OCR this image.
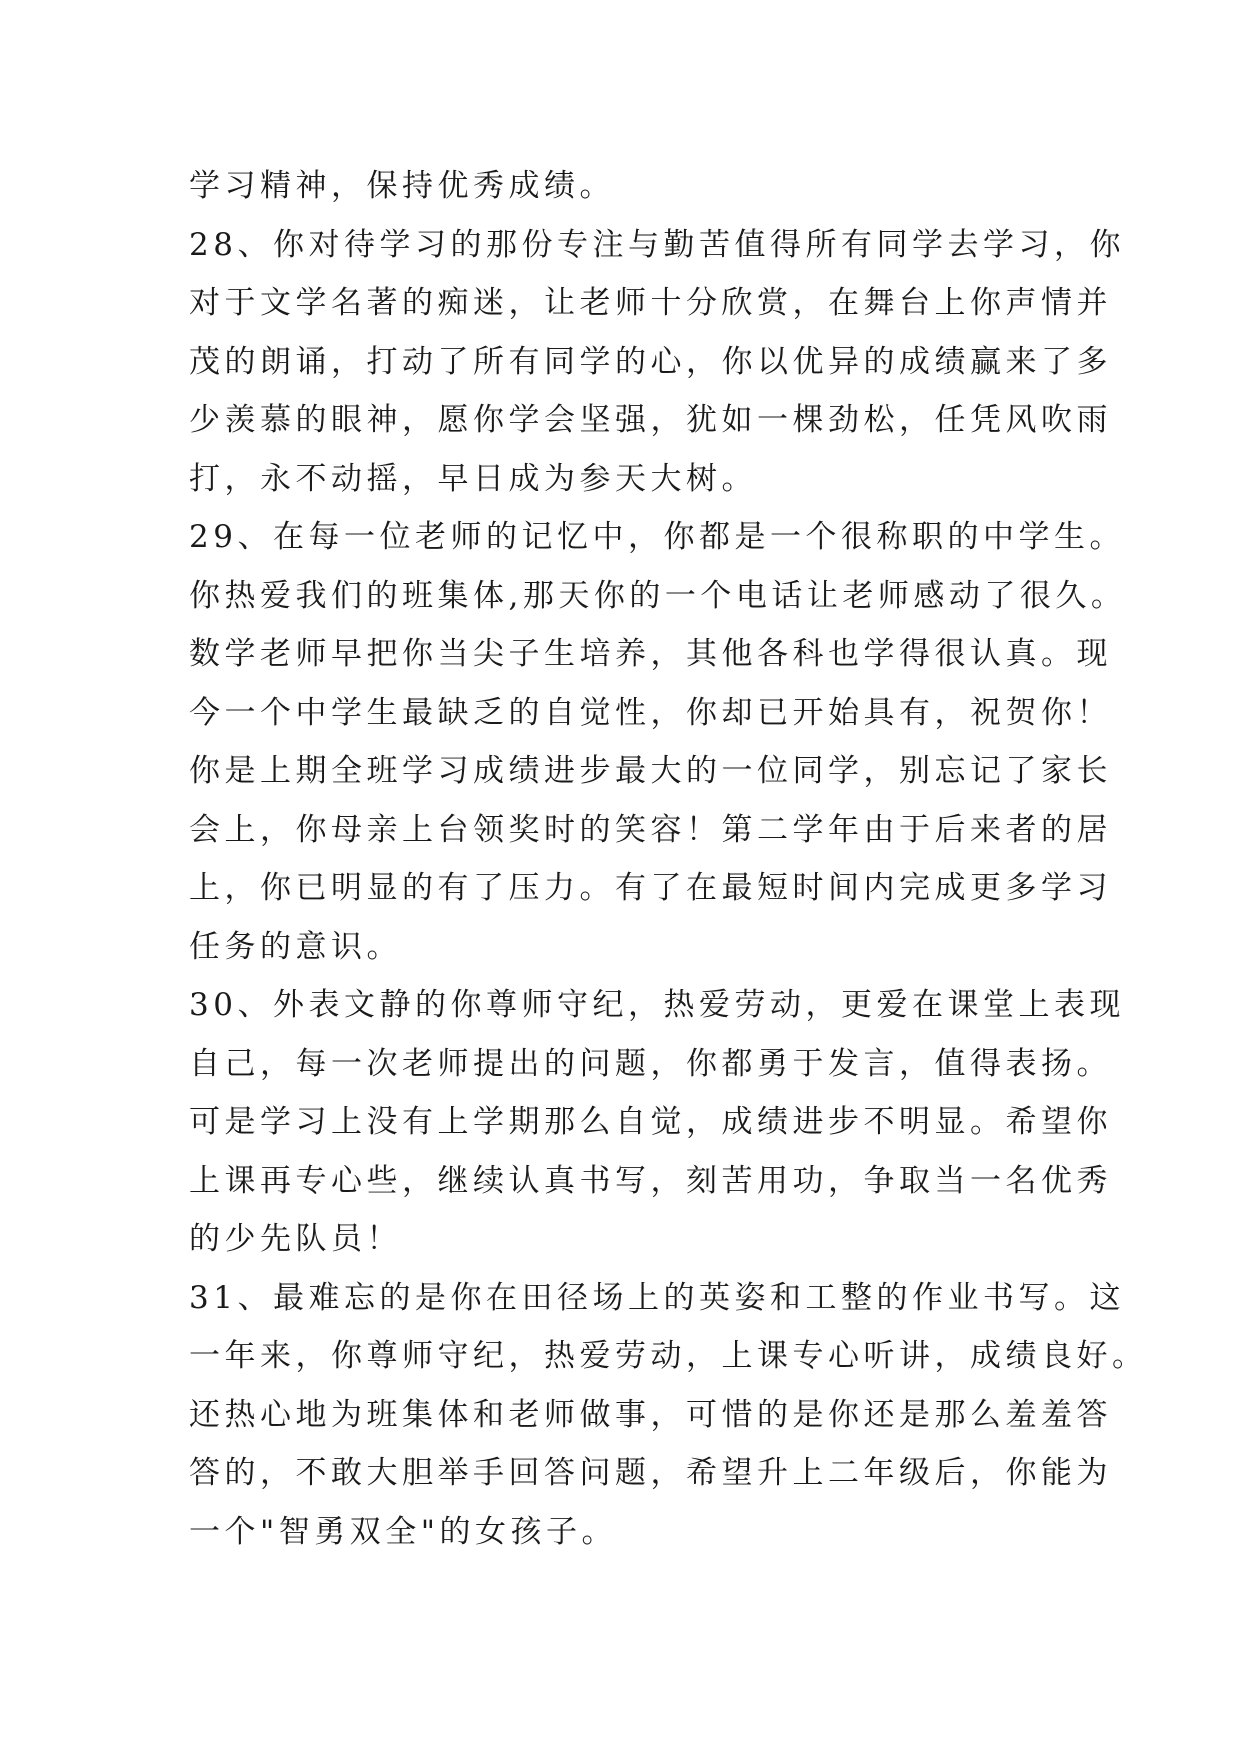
学习精神，保持优秀成绩。
28、你对待学习的那份专注与勤苦值得所有同学去学习，你
对于文学名著的痴迷，让老师十分欣赏，在舞台上你声情并
茂的朗诵，打动了所有同学的心，你以优异的成绩赢来了多
少羡慕的眼神，愿你学会坚强，犹如一棵劲松，任凭风吹雨
打，永不动摇，早日成为参天大树。
29、在每一位老师的记忆中，你都是一个很称职的中学生。
你热爱我们的班集体,那天你的一个电话让老师感动了很久。
数学老师早把你当尖子生培养，其他各科也学得很认真。现
今一个中学生最缺乏的自觉性，你却已开始具有，祝贺你！
你是上期全班学习成绩进步最大的一位同学，别忘记了家长
会上，你母亲上台领奖时的笑容！第二学年由于后来者的居
上，你已明显的有了压力。有了在最短时间内完成更多学习
任务的意识。
30、外表文静的你尊师守纪，热爱劳动，更爱在课堂上表现
自己，每一次老师提出的问题，你都勇于发言，值得表扬。
可是学习上没有上学期那么自觉，成绩进步不明显。希望你
上课再专心些，继续认真书写，刻苦用功，争取当一名优秀
的少先队员！
31、最难忘的是你在田径场上的英姿和工整的作业书写。这
一年来，你尊师守纪，热爱劳动，上课专心听讲，成绩良好。
还热心地为班集体和老师做事，可惜的是你还是那么羞羞答
答的，不敢大胆举手回答问题，希望升上二年级后，你能为
一个"智勇双全"的女孩子。
